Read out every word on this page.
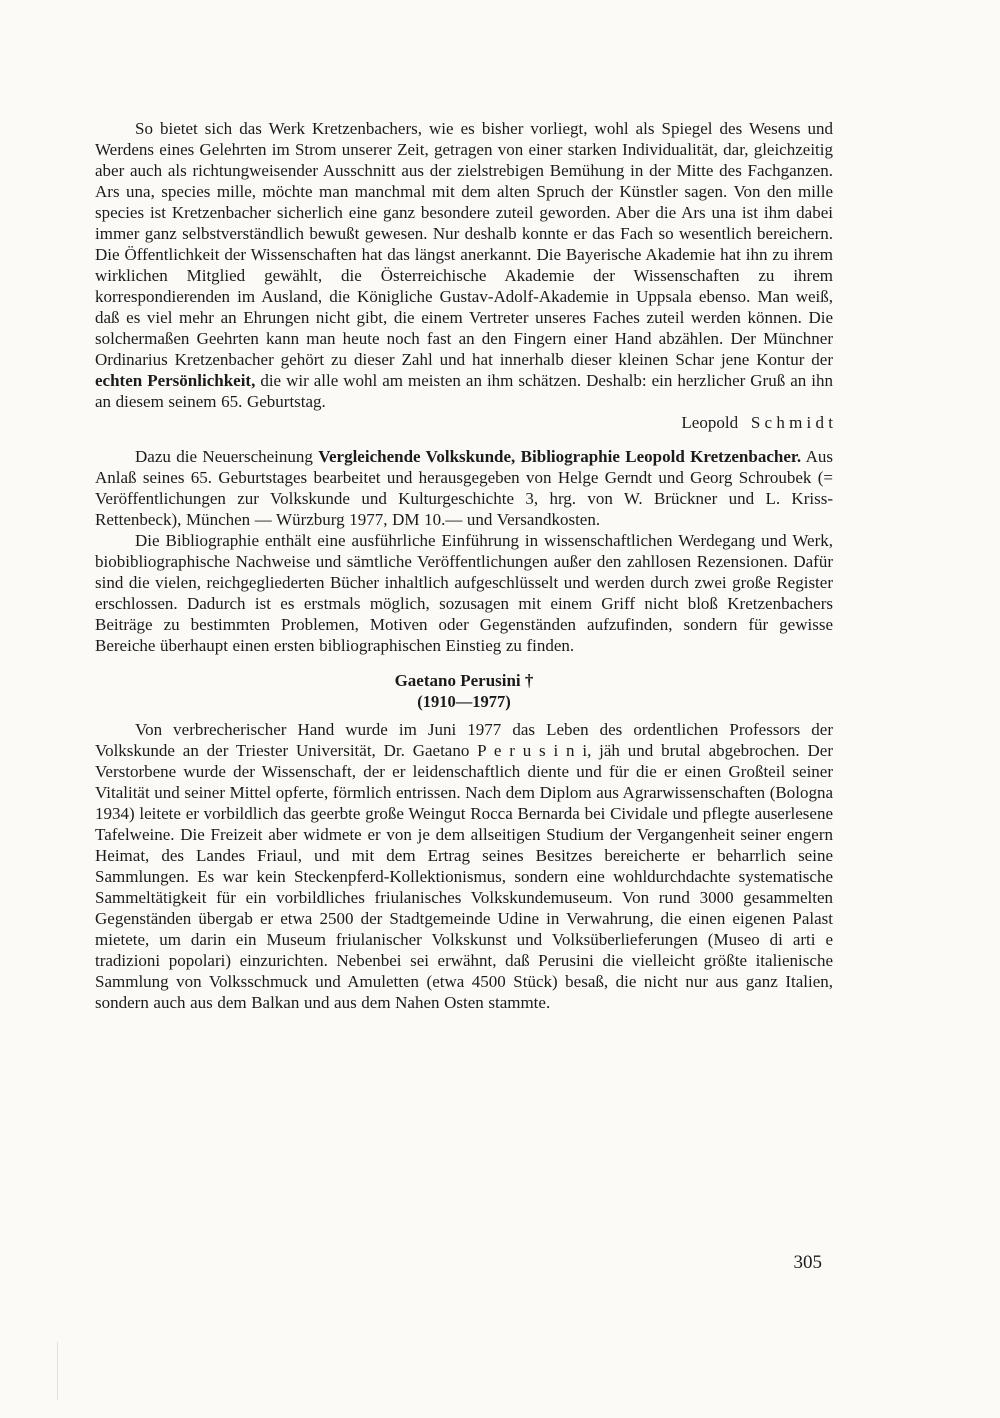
So bietet sich das Werk Kretzenbachers, wie es bisher vorliegt, wohl als Spiegel des Wesens und Werdens eines Gelehrten im Strom unserer Zeit, getragen von einer starken Individualität, dar, gleichzeitig aber auch als richtungweisender Ausschnitt aus der zielstrebigen Bemühung in der Mitte des Fachganzen. Ars una, species mille, möchte man manchmal mit dem alten Spruch der Künstler sagen. Von den mille species ist Kretzenbacher sicherlich eine ganz besondere zuteil geworden. Aber die Ars una ist ihm dabei immer ganz selbstverständlich bewußt gewesen. Nur deshalb konnte er das Fach so wesentlich bereichern. Die Öffentlichkeit der Wissenschaften hat das längst anerkannt. Die Bayerische Akademie hat ihn zu ihrem wirklichen Mitglied gewählt, die Österreichische Akademie der Wissenschaften zu ihrem korrespondierenden im Ausland, die Königliche Gustav-Adolf-Akademie in Uppsala ebenso. Man weiß, daß es viel mehr an Ehrungen nicht gibt, die einem Vertreter unseres Faches zuteil werden können. Die solchermaßen Geehrten kann man heute noch fast an den Fingern einer Hand abzählen. Der Münchner Ordinarius Kretzenbacher gehört zu dieser Zahl und hat innerhalb dieser kleinen Schar jene Kontur der echten Persönlichkeit, die wir alle wohl am meisten an ihm schätzen. Deshalb: ein herzlicher Gruß an ihn an diesem seinem 65. Geburtstag.

Leopold  S c h m i d t

Dazu die Neuerscheinung Vergleichende Volkskunde, Bibliographie Leopold Kretzenbacher. Aus Anlaß seines 65. Geburtstages bearbeitet und herausgegeben von Helge Gerndt und Georg Schroubek (= Veröffentlichungen zur Volkskunde und Kulturgeschichte 3, hrg. von W. Brückner und L. Kriss-Rettenbeck), München — Würzburg 1977, DM 10.— und Versandkosten.

Die Bibliographie enthält eine ausführliche Einführung in wissenschaftlichen Werdegang und Werk, biobibliographische Nachweise und sämtliche Veröffentlichungen außer den zahllosen Rezensionen. Dafür sind die vielen, reichgegliederten Bücher inhaltlich aufgeschlüsselt und werden durch zwei große Register erschlossen. Dadurch ist es erstmals möglich, sozusagen mit einem Griff nicht bloß Kretzenbachers Beiträge zu bestimmten Problemen, Motiven oder Gegenständen aufzufinden, sondern für gewisse Bereiche überhaupt einen ersten bibliographischen Einstieg zu finden.

Gaetano Perusini †
(1910—1977)

Von verbrecherischer Hand wurde im Juni 1977 das Leben des ordentlichen Professors der Volkskunde an der Triester Universität, Dr. Gaetano P e r u s i n i, jäh und brutal abgebrochen. Der Verstorbene wurde der Wissenschaft, der er leidenschaftlich diente und für die er einen Großteil seiner Vitalität und seiner Mittel opferte, förmlich entrissen. Nach dem Diplom aus Agrarwissenschaften (Bologna 1934) leitete er vorbildlich das geerbte große Weingut Rocca Bernarda bei Cividale und pflegte auserlesene Tafelweine. Die Freizeit aber widmete er von je dem allseitigen Studium der Vergangenheit seiner engern Heimat, des Landes Friaul, und mit dem Ertrag seines Besitzes bereicherte er beharrlich seine Sammlungen. Es war kein Steckenpferd-Kollektionismus, sondern eine wohldurchdachte systematische Sammeltätigkeit für ein vorbildliches friulanisches Volkskundemuseum. Von rund 3000 gesammelten Gegenständen übergab er etwa 2500 der Stadtgemeinde Udine in Verwahrung, die einen eigenen Palast mietete, um darin ein Museum friulanischer Volkskunst und Volksüberlieferungen (Museo di arti e tradizioni popolari) einzurichten. Nebenbei sei erwähnt, daß Perusini die vielleicht größte italienische Sammlung von Volksschmuck und Amuletten (etwa 4500 Stück) besaß, die nicht nur aus ganz Italien, sondern auch aus dem Balkan und aus dem Nahen Osten stammte.

305
